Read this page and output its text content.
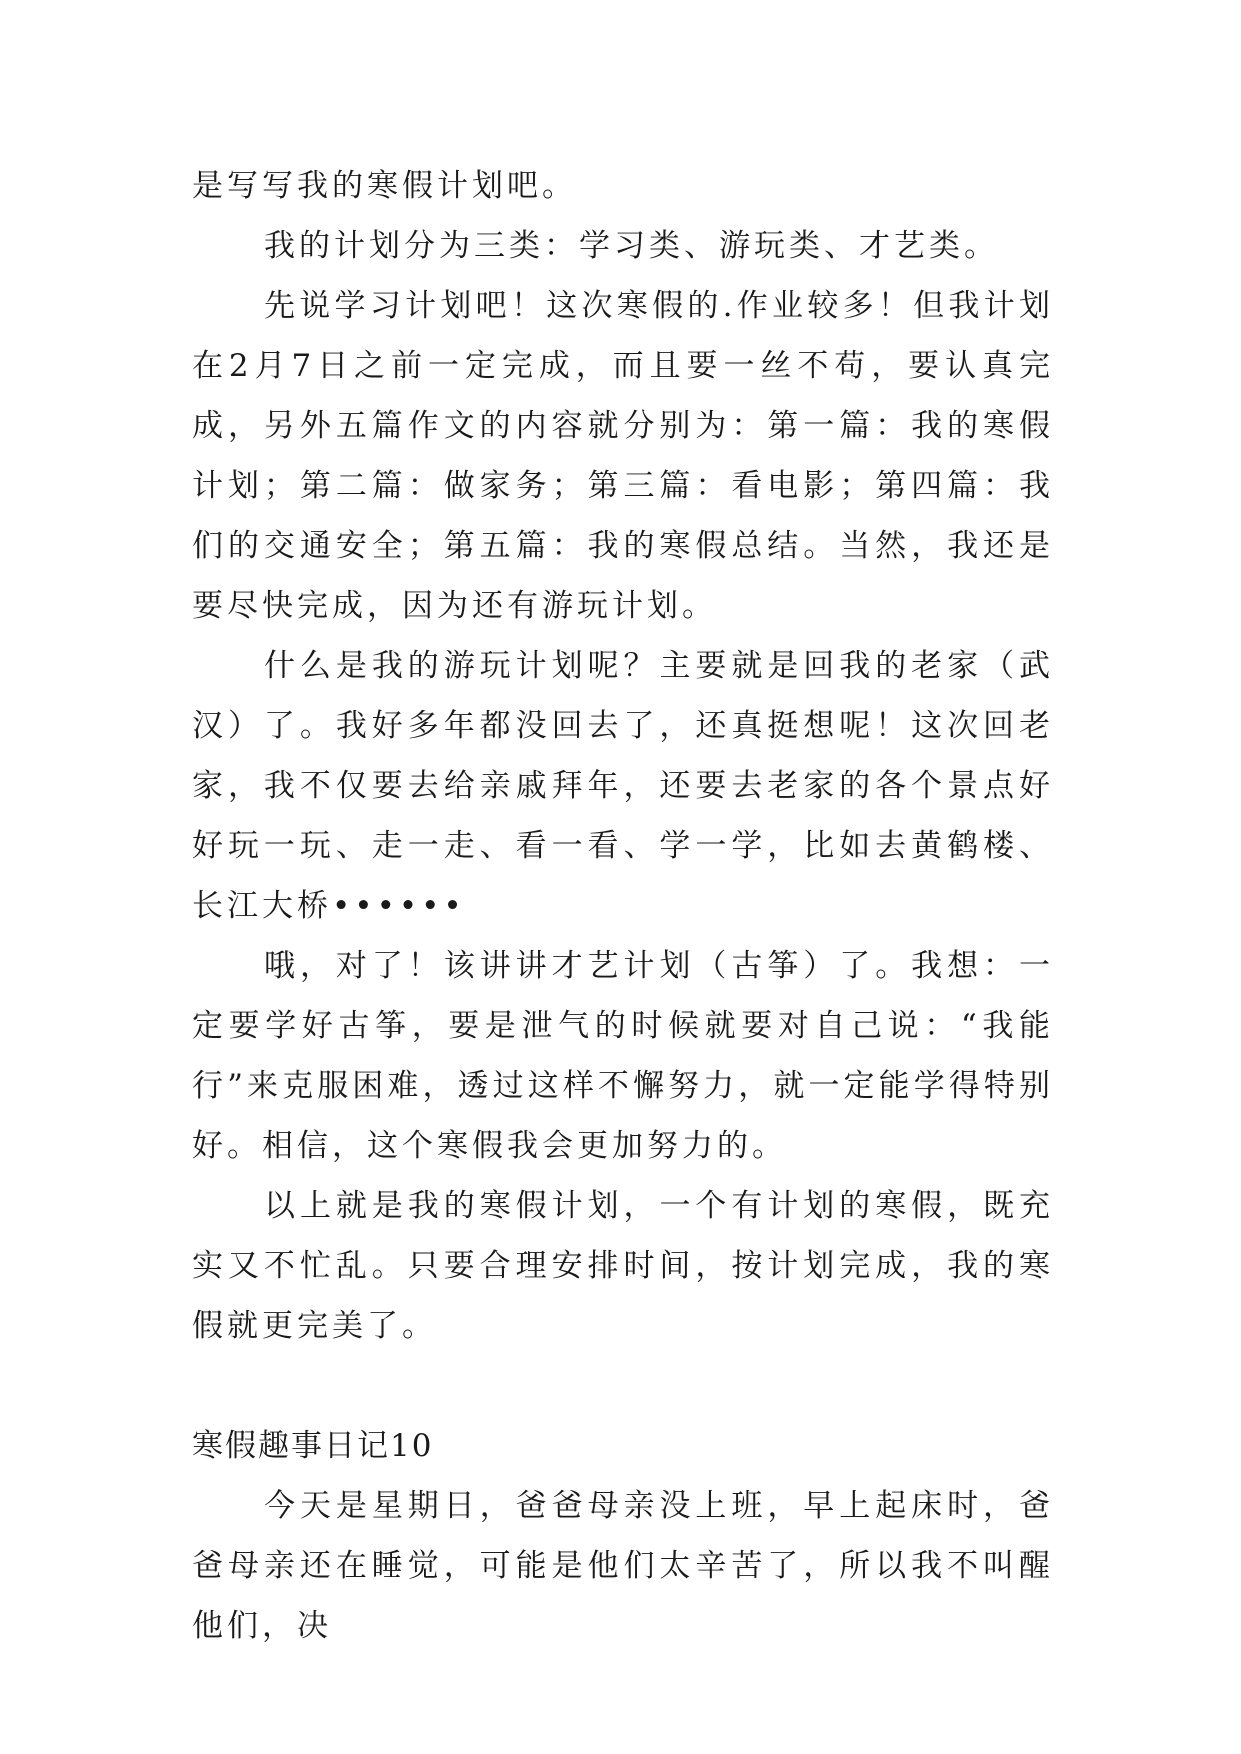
是写写我的寒假计划吧。

我的计划分为三类：学习类、游玩类、才艺类。

先说学习计划吧！这次寒假的.作业较多！但我计划在2月7日之前一定完成，而且要一丝不苟，要认真完成，另外五篇作文的内容就分别为：第一篇：我的寒假计划；第二篇：做家务；第三篇：看电影；第四篇：我们的交通安全；第五篇：我的寒假总结。当然，我还是要尽快完成，因为还有游玩计划。

什么是我的游玩计划呢？主要就是回我的老家（武汉）了。我好多年都没回去了，还真挺想呢！这次回老家，我不仅要去给亲戚拜年，还要去老家的各个景点好好玩一玩、走一走、看一看、学一学，比如去黄鹤楼、长江大桥••••••

哦，对了！该讲讲才艺计划（古筝）了。我想：一定要学好古筝，要是泄气的时候就要对自己说：“我能行”来克服困难，透过这样不懈努力，就一定能学得特别好。相信，这个寒假我会更加努力的。

以上就是我的寒假计划，一个有计划的寒假，既充实又不忙乱。只要合理安排时间，按计划完成，我的寒假就更完美了。

寒假趣事日记10

今天是星期日，爸爸母亲没上班，早上起床时，爸爸母亲还在睡觉，可能是他们太辛苦了，所以我不叫醒他们，决
